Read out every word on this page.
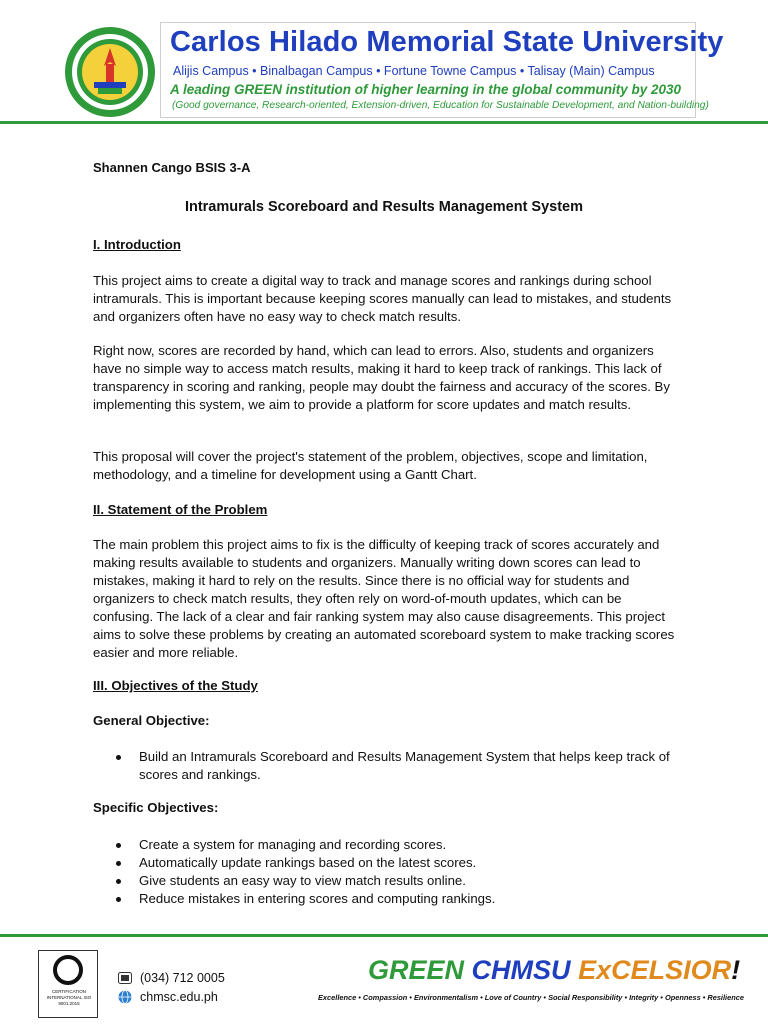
Carlos Hilado Memorial State University
Alijis Campus • Binalbagan Campus • Fortune Towne Campus • Talisay (Main) Campus
A leading GREEN institution of higher learning in the global community by 2030
(Good governance, Research-oriented, Extension-driven, Education for Sustainable Development, and Nation-building)
Shannen Cango BSIS 3-A
Intramurals Scoreboard and Results Management System
I. Introduction

This project aims to create a digital way to track and manage scores and rankings during school intramurals. This is important because keeping scores manually can lead to mistakes, and students and organizers often have no easy way to check match results.

Right now, scores are recorded by hand, which can lead to errors. Also, students and organizers have no simple way to access match results, making it hard to keep track of rankings. This lack of transparency in scoring and ranking, people may doubt the fairness and accuracy of the scores. By implementing this system, we aim to provide a platform for score updates and match results.

This proposal will cover the project's statement of the problem, objectives, scope and limitation, methodology, and a timeline for development using a Gantt Chart.

II. Statement of the Problem

The main problem this project aims to fix is the difficulty of keeping track of scores accurately and making results available to students and organizers. Manually writing down scores can lead to mistakes, making it hard to rely on the results. Since there is no official way for students and organizers to check match results, they often rely on word-of-mouth updates, which can be confusing. The lack of a clear and fair ranking system may also cause disagreements. This project aims to solve these problems by creating an automated scoreboard system to make tracking scores easier and more reliable.

III. Objectives of the Study
General Objective:
Build an Intramurals Scoreboard and Results Management System that helps keep track of scores and rankings.
Specific Objectives:
Create a system for managing and recording scores.
Automatically update rankings based on the latest scores.
Give students an easy way to view match results online.
Reduce mistakes in entering scores and computing rankings.
CERTIFICATION INTERNATIONAL ISO 9001:2015
(034) 712 0005
chmsc.edu.ph
GREEN CHMSU ExCELSIOR!
Excellence • Compassion • Environmentalism • Love of Country • Social Responsibility • Integrity • Openness • Resilience
